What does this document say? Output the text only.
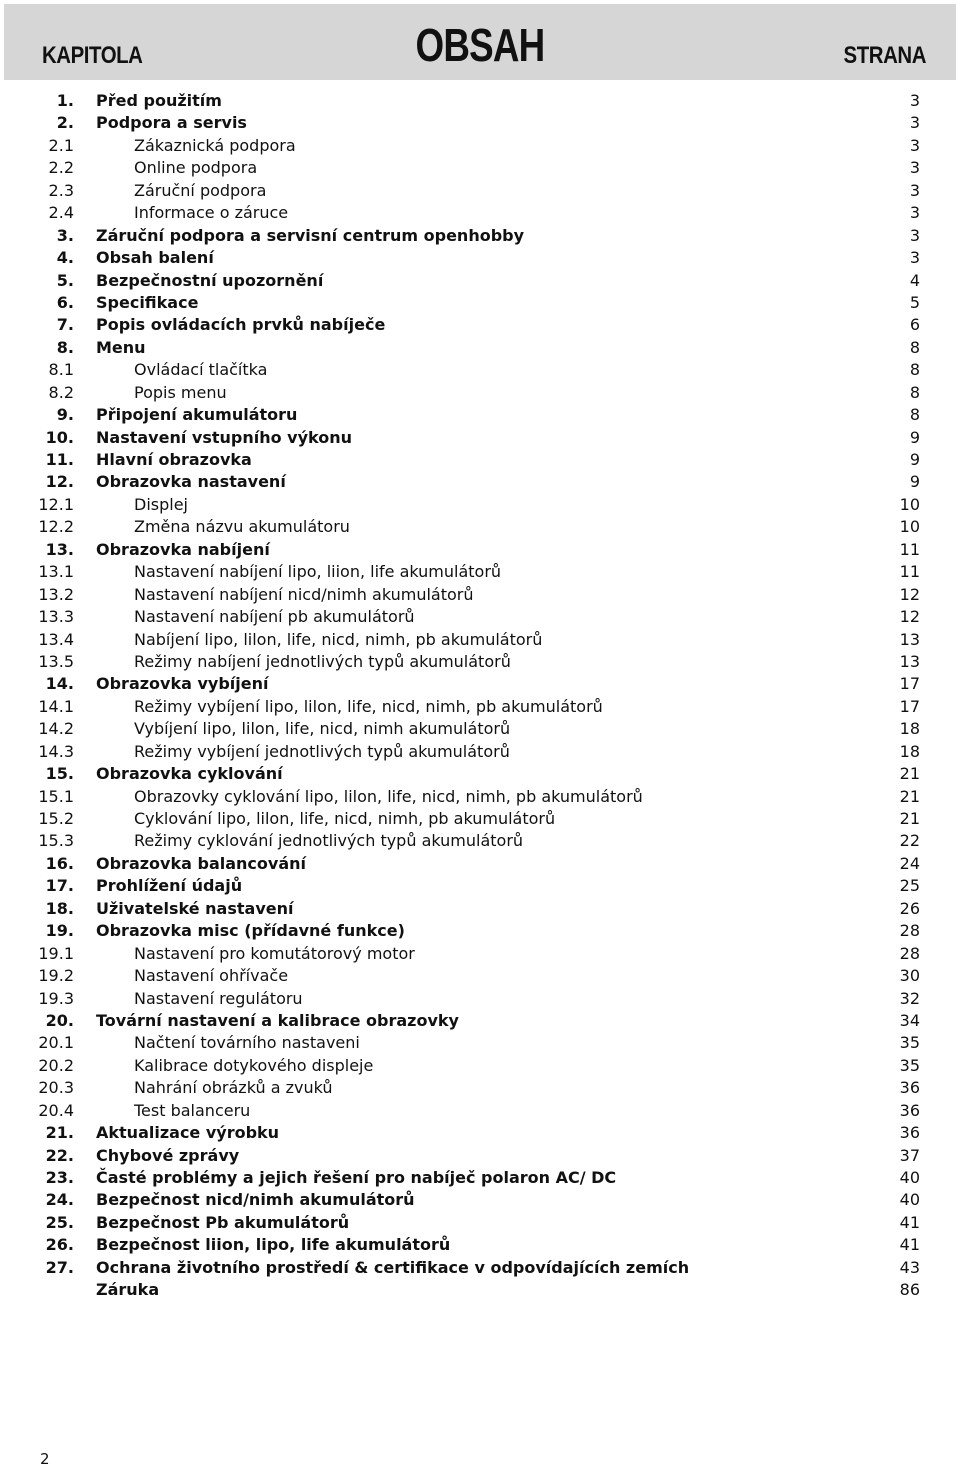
KAPITOLA	OBSAH	STRANA
1. Před použitím	3
2. Podpora a servis	3
2.1	Zákaznická podpora	3
2.2	Online podpora	3
2.3	Záruční podpora	3
2.4	Informace o záruce	3
3. Záruční podpora a servisní centrum openhobby	3
4. Obsah balení	3
5. Bezpečnostní upozornění	4
6. Specifikace	5
7. Popis ovládacích prvků nabíječe	6
8. Menu	8
8.1	Ovládací tlačítka	8
8.2	Popis menu	8
9. Připojení akumulátoru	8
10. Nastavení vstupního výkonu	9
11. Hlavní obrazovka	9
12. Obrazovka nastavení	9
12.1	Displej	10
12.2	Změna názvu akumulátoru	10
13. Obrazovka nabíjení	11
13.1	Nastavení nabíjení lipo, liion, life akumulátorů	11
13.2	Nastavení nabíjení nicd/nimh akumulátorů	12
13.3	Nastavení nabíjení pb akumulátorů	12
13.4	Nabíjení lipo, lilon, life, nicd, nimh, pb akumulátorů	13
13.5	Režimy nabíjení jednotlivých typů akumulátorů	13
14. Obrazovka vybíjení	17
14.1	Režimy vybíjení lipo, lilon, life, nicd, nimh, pb akumulátorů	17
14.2	Vybíjení lipo, lilon, life, nicd, nimh akumulátorů	18
14.3	Režimy vybíjení jednotlivých typů akumulátorů	18
15. Obrazovka cyklování	21
15.1	Obrazovky cyklování lipo, lilon, life, nicd, nimh, pb akumulátorů	21
15.2	Cyklování lipo, lilon, life, nicd, nimh, pb akumulátorů	21
15.3	Režimy cyklování jednotlivých typů akumulátorů	22
16. Obrazovka balancování	24
17. Prohlížení údajů	25
18. Uživatelské nastavení	26
19. Obrazovka misc (přídavné funkce)	28
19.1	Nastavení pro komutátorový motor	28
19.2	Nastavení ohřívače	30
19.3	Nastavení regulátoru	32
20. Tovární nastavení a kalibrace obrazovky	34
20.1	Načtení továrního nastaveni	35
20.2	Kalibrace dotykového displeje	35
20.3	Nahrání obrázků a zvuků	36
20.4	Test balanceru	36
21. Aktualizace výrobku	36
22. Chybové zprávy	37
23. Časté problémy a jejich řešení pro nabíječ polaron AC/ DC	40
24. Bezpečnost nicd/nimh akumulátorů	40
25. Bezpečnost Pb akumulátorů	41
26. Bezpečnost liion, lipo, life akumulátorů	41
27. Ochrana životního prostředí & certifikace v odpovídajících zemích	43
Záruka	86
2
